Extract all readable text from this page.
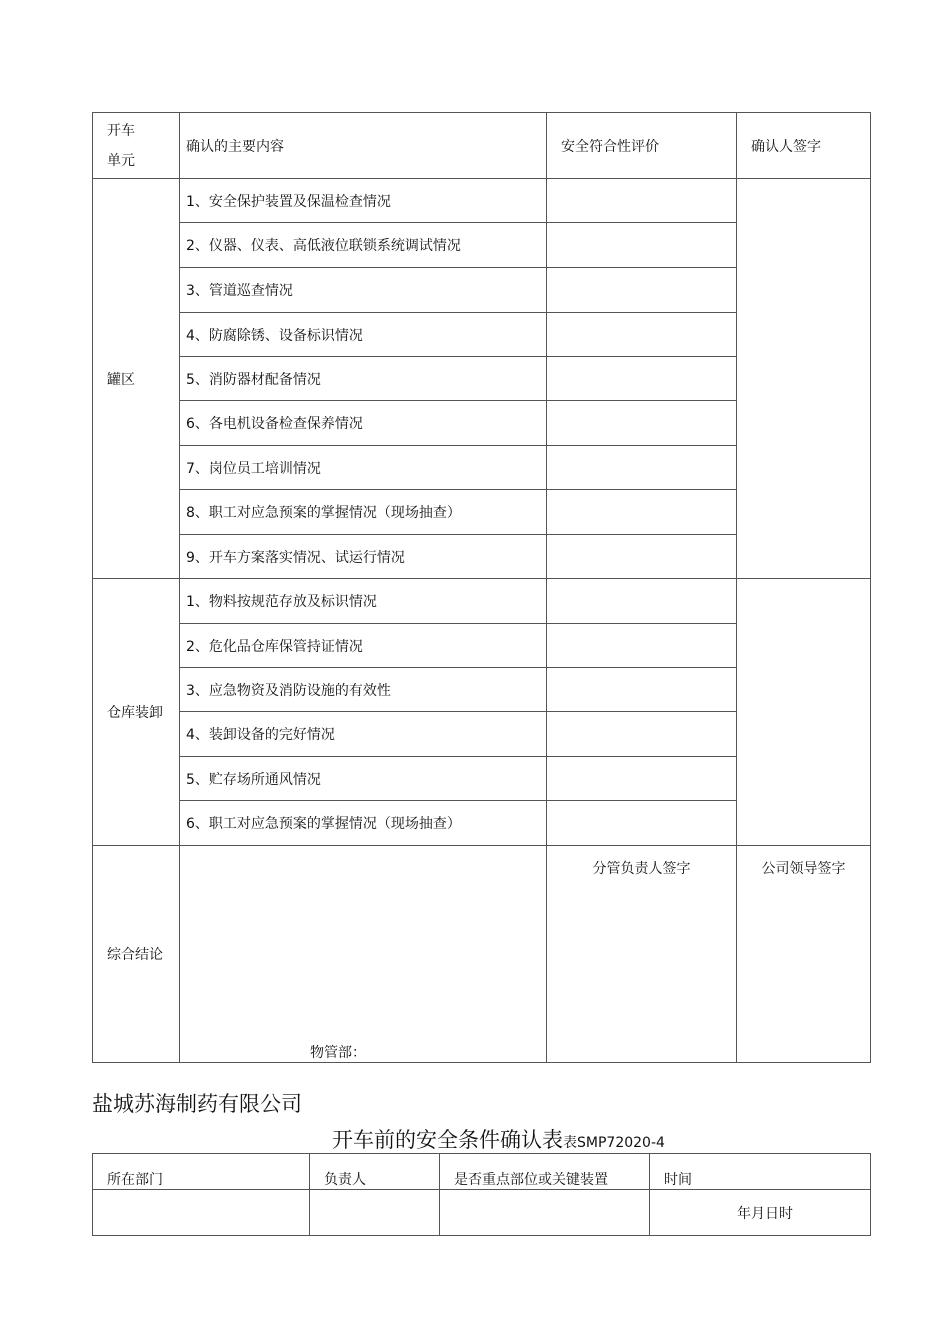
开车
单元	确认的主要内容	安全符合性评价	确认人签字
罐区	1、安全保护装置及保温检查情况		
	2、仪器、仪表、高低液位联锁系统调试情况		
	3、管道巡查情况		
	4、防腐除锈、设备标识情况		
	5、消防器材配备情况		
	6、各电机设备检查保养情况		
	7、岗位员工培训情况		
	8、职工对应急预案的掌握情况（现场抽查）		
	9、开车方案落实情况、试运行情况		
仓库装卸	1、物料按规范存放及标识情况		
	2、危化品仓库保管持证情况		
	3、应急物资及消防设施的有效性		
	4、装卸设备的完好情况		
	5、贮存场所通风情况		
	6、职工对应急预案的掌握情况（现场抽查）		
综合结论	物管部：	分管负责人签字	公司领导签字
盐城苏海制药有限公司
开车前的安全条件确认表表SMP72020-4
所在部门	负责人	是否重点部位或关键装置	时间
			年月日时
